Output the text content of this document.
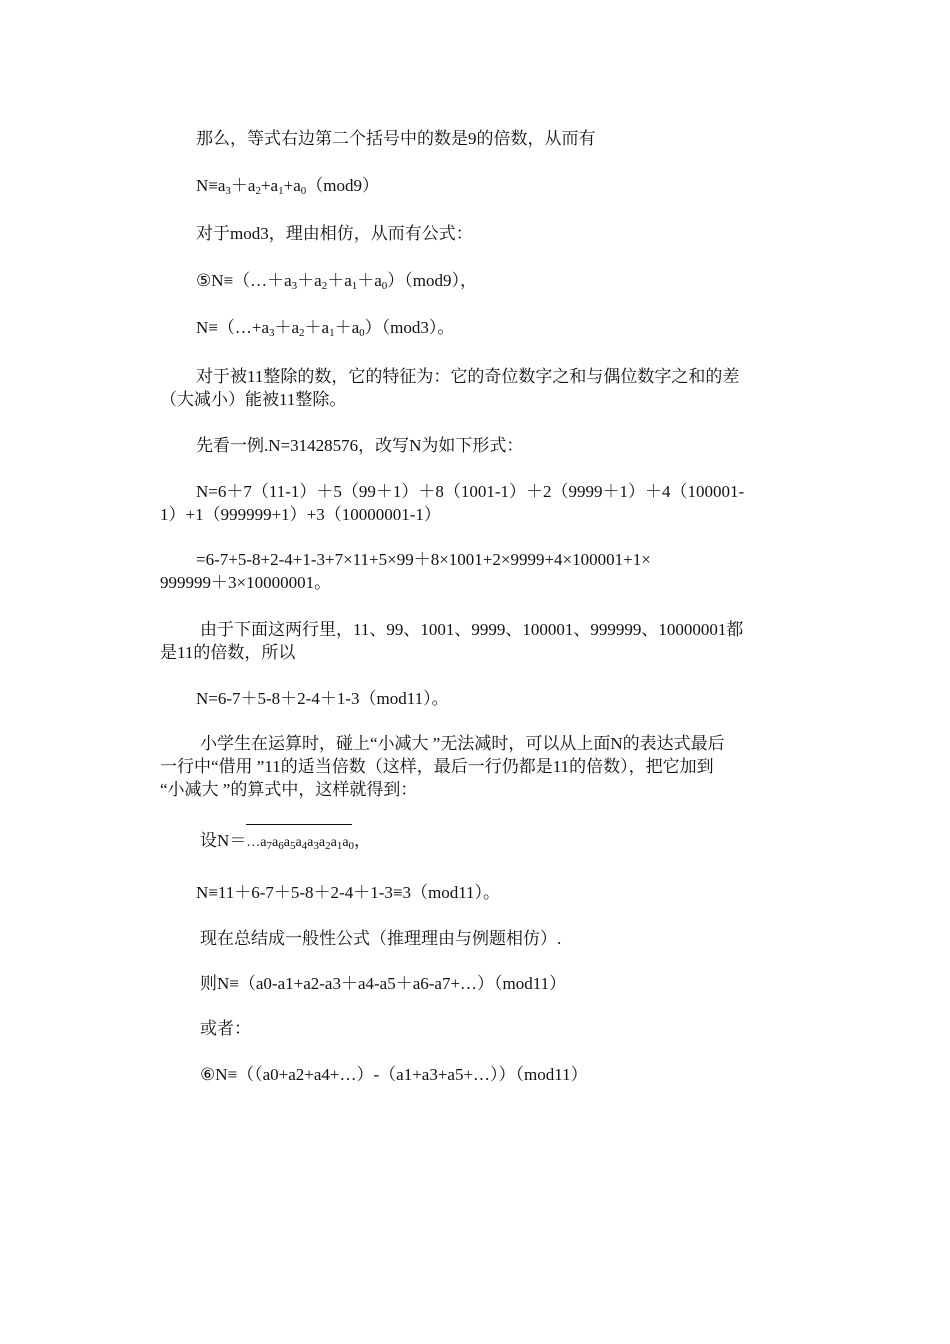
那么，等式右边第二个括号中的数是9的倍数，从而有
$N\equiv a_3+a_2+a_1+a_0(mod9)$
对于mod3，理由相仿，从而有公式：
$⑤N\equiv(\dots+a_3+a_2+a_1+a_0)(mod9)$，
$N\equiv(\dots+a_3+a_2+a_1+a_0)(mod3)$。
对于被11整除的数，它的特征为：它的奇位数字之和与偶位数字之和的差
（大减小）能被11整除。
先看一例.N=31428576，改写N为如下形式：
N=6＋7（11-1）＋5（99＋1）＋8（1001-1）＋2（9999＋1）＋4（100001-
1）+1（999999+1）+3（10000001-1）
=6-7+5-8+2-4+1-3+7×11+5×99＋8×1001+2×9999+4×100001+1×
999999＋3×10000001。
由于下面这两行里，11、99、1001、9999、100001、999999、10000001都
是11的倍数，所以
N=6-7＋5-8＋2-4＋1-3（mod11）。
小学生在运算时，碰上“小减大 ”无法减时，可以从上面N的表达式最后
一行中“借用 ”11的适当倍数（这样，最后一行仍都是11的倍数），把它加到
“小减大 ”的算式中，这样就得到：
设N＝
$\dots a_7a_6a_5a_4a_3a_2a_1a_0$，
N≡11＋6-7＋5-8＋2-4＋1-3≡3（mod11）。
现在总结成一般性公式（推理理由与例题相仿）.
则N≡（a0-a1+a2-a3＋a4-a5＋a6-a7+…）（mod11）
或者：
⑥N≡（（a0+a2+a4+…）-（a1+a3+a5+…））（mod11）
